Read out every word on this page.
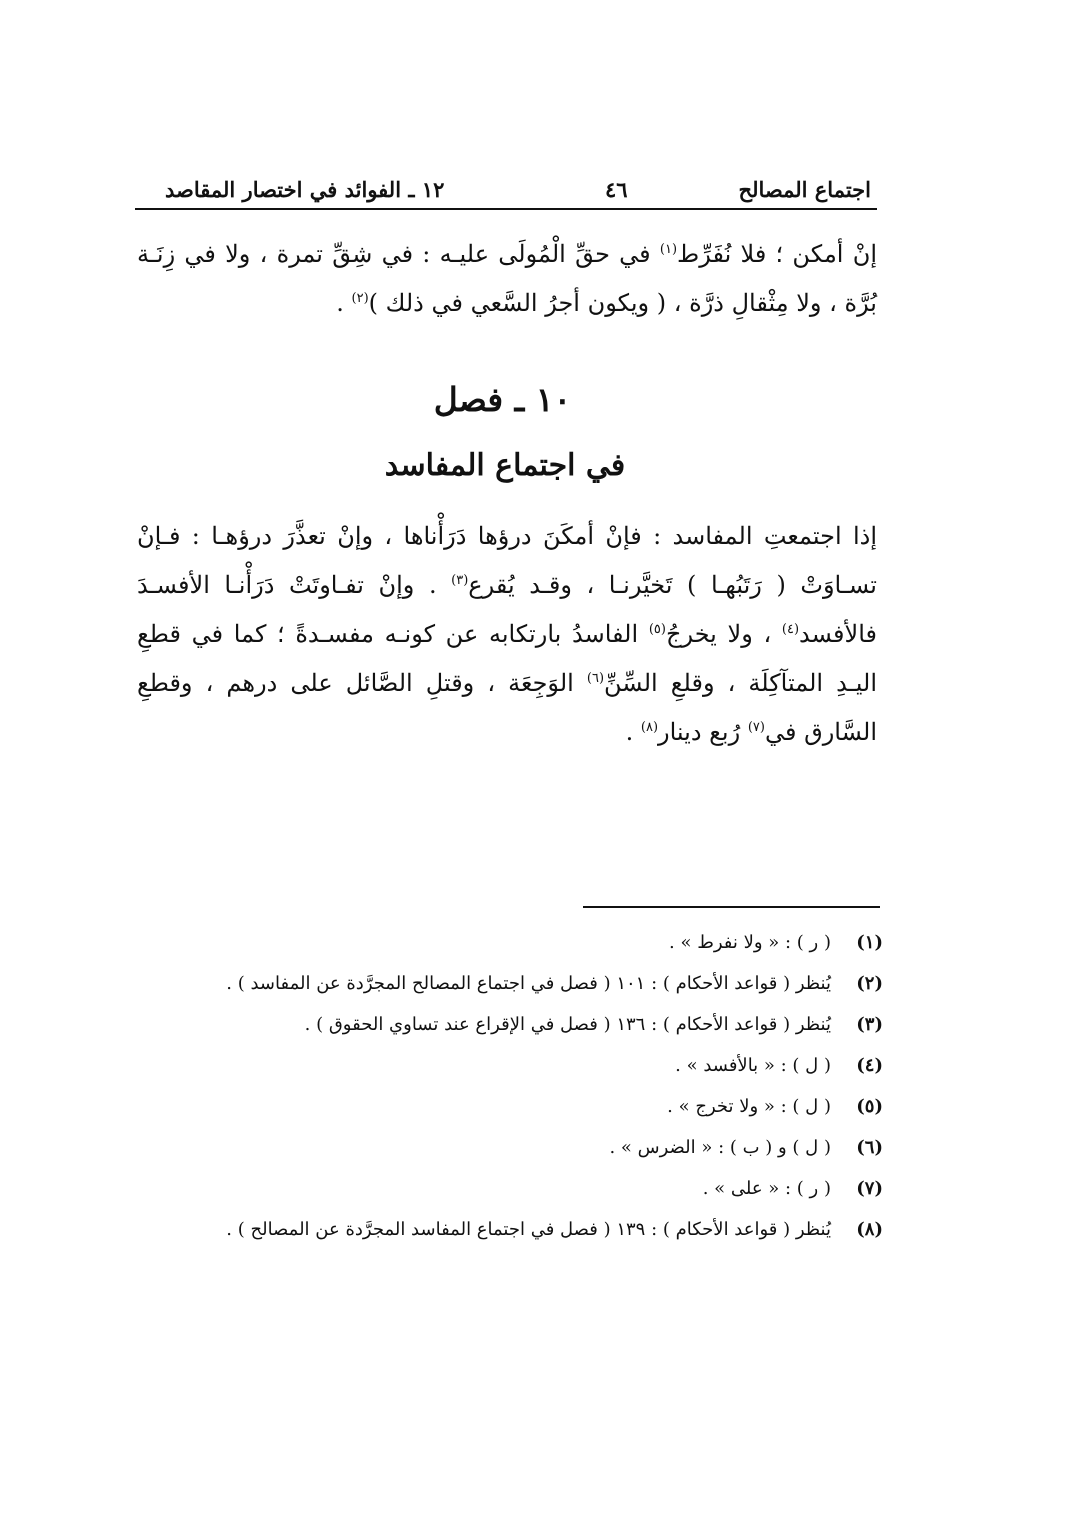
اجتماع المصالح
٤٦
١٢ ـ الفوائد في اختصار المقاصد

إنْ أمكن ؛ فلا نُفَرِّط$^{(١)}$ في حقِّ الْمُولَى عليـه : في شِقِّ تمرة ، ولا في زِنَـة بُرَّة ، ولا مِثْقالِ ذرَّة ، ( ويكون أجرُ السَّعي في ذلك )$^{(٢)}$ .

١٠ ـ فصل
في اجتماع المفاسد

إذا اجتمعتِ المفاسد : فإنْ أمكَنَ درؤها دَرَأْناها ، وإنْ تعذَّرَ درؤهـا : فـإنْ تسـاوَتْ ( رَتَبُهـا ) تَخيَّرنـا ، وقـد يُقرع$^{(٣)}$ . وإنْ تفـاوتَتْ دَرَأْنـا الأفسـدَ فالأفسد$^{(٤)}$ ، ولا يخرجُ$^{(٥)}$ الفاسدُ بارتكابه عن كونـه مفسـدةً ؛ كما في قطعِ اليـدِ المتآكِلَة ، وقلعِ السِّنِّ$^{(٦)}$ الوَجِعَة ، وقتلِ الصَّائل على درهم ، وقطعِ السَّارق في$^{(٧)}$ رُبع دينار$^{(٨)}$ .

(١)
( ر ) : « ولا نفرط » .
(٢)
يُنظر ( قواعد الأحكام ) : ١٠١ ( فصل في اجتماع المصالح المجرَّدة عن المفاسد ) .
(٣)
يُنظر ( قواعد الأحكام ) : ١٣٦ ( فصل في الإقراع عند تساوي الحقوق ) .
(٤)
( ل ) : « بالأفسد » .
(٥)
( ل ) : « ولا تخرج » .
(٦)
( ل ) و ( ب ) : « الضرس » .
(٧)
( ر ) : « على » .
(٨)
يُنظر ( قواعد الأحكام ) : ١٣٩ ( فصل في اجتماع المفاسد المجرَّدة عن المصالح ) .
